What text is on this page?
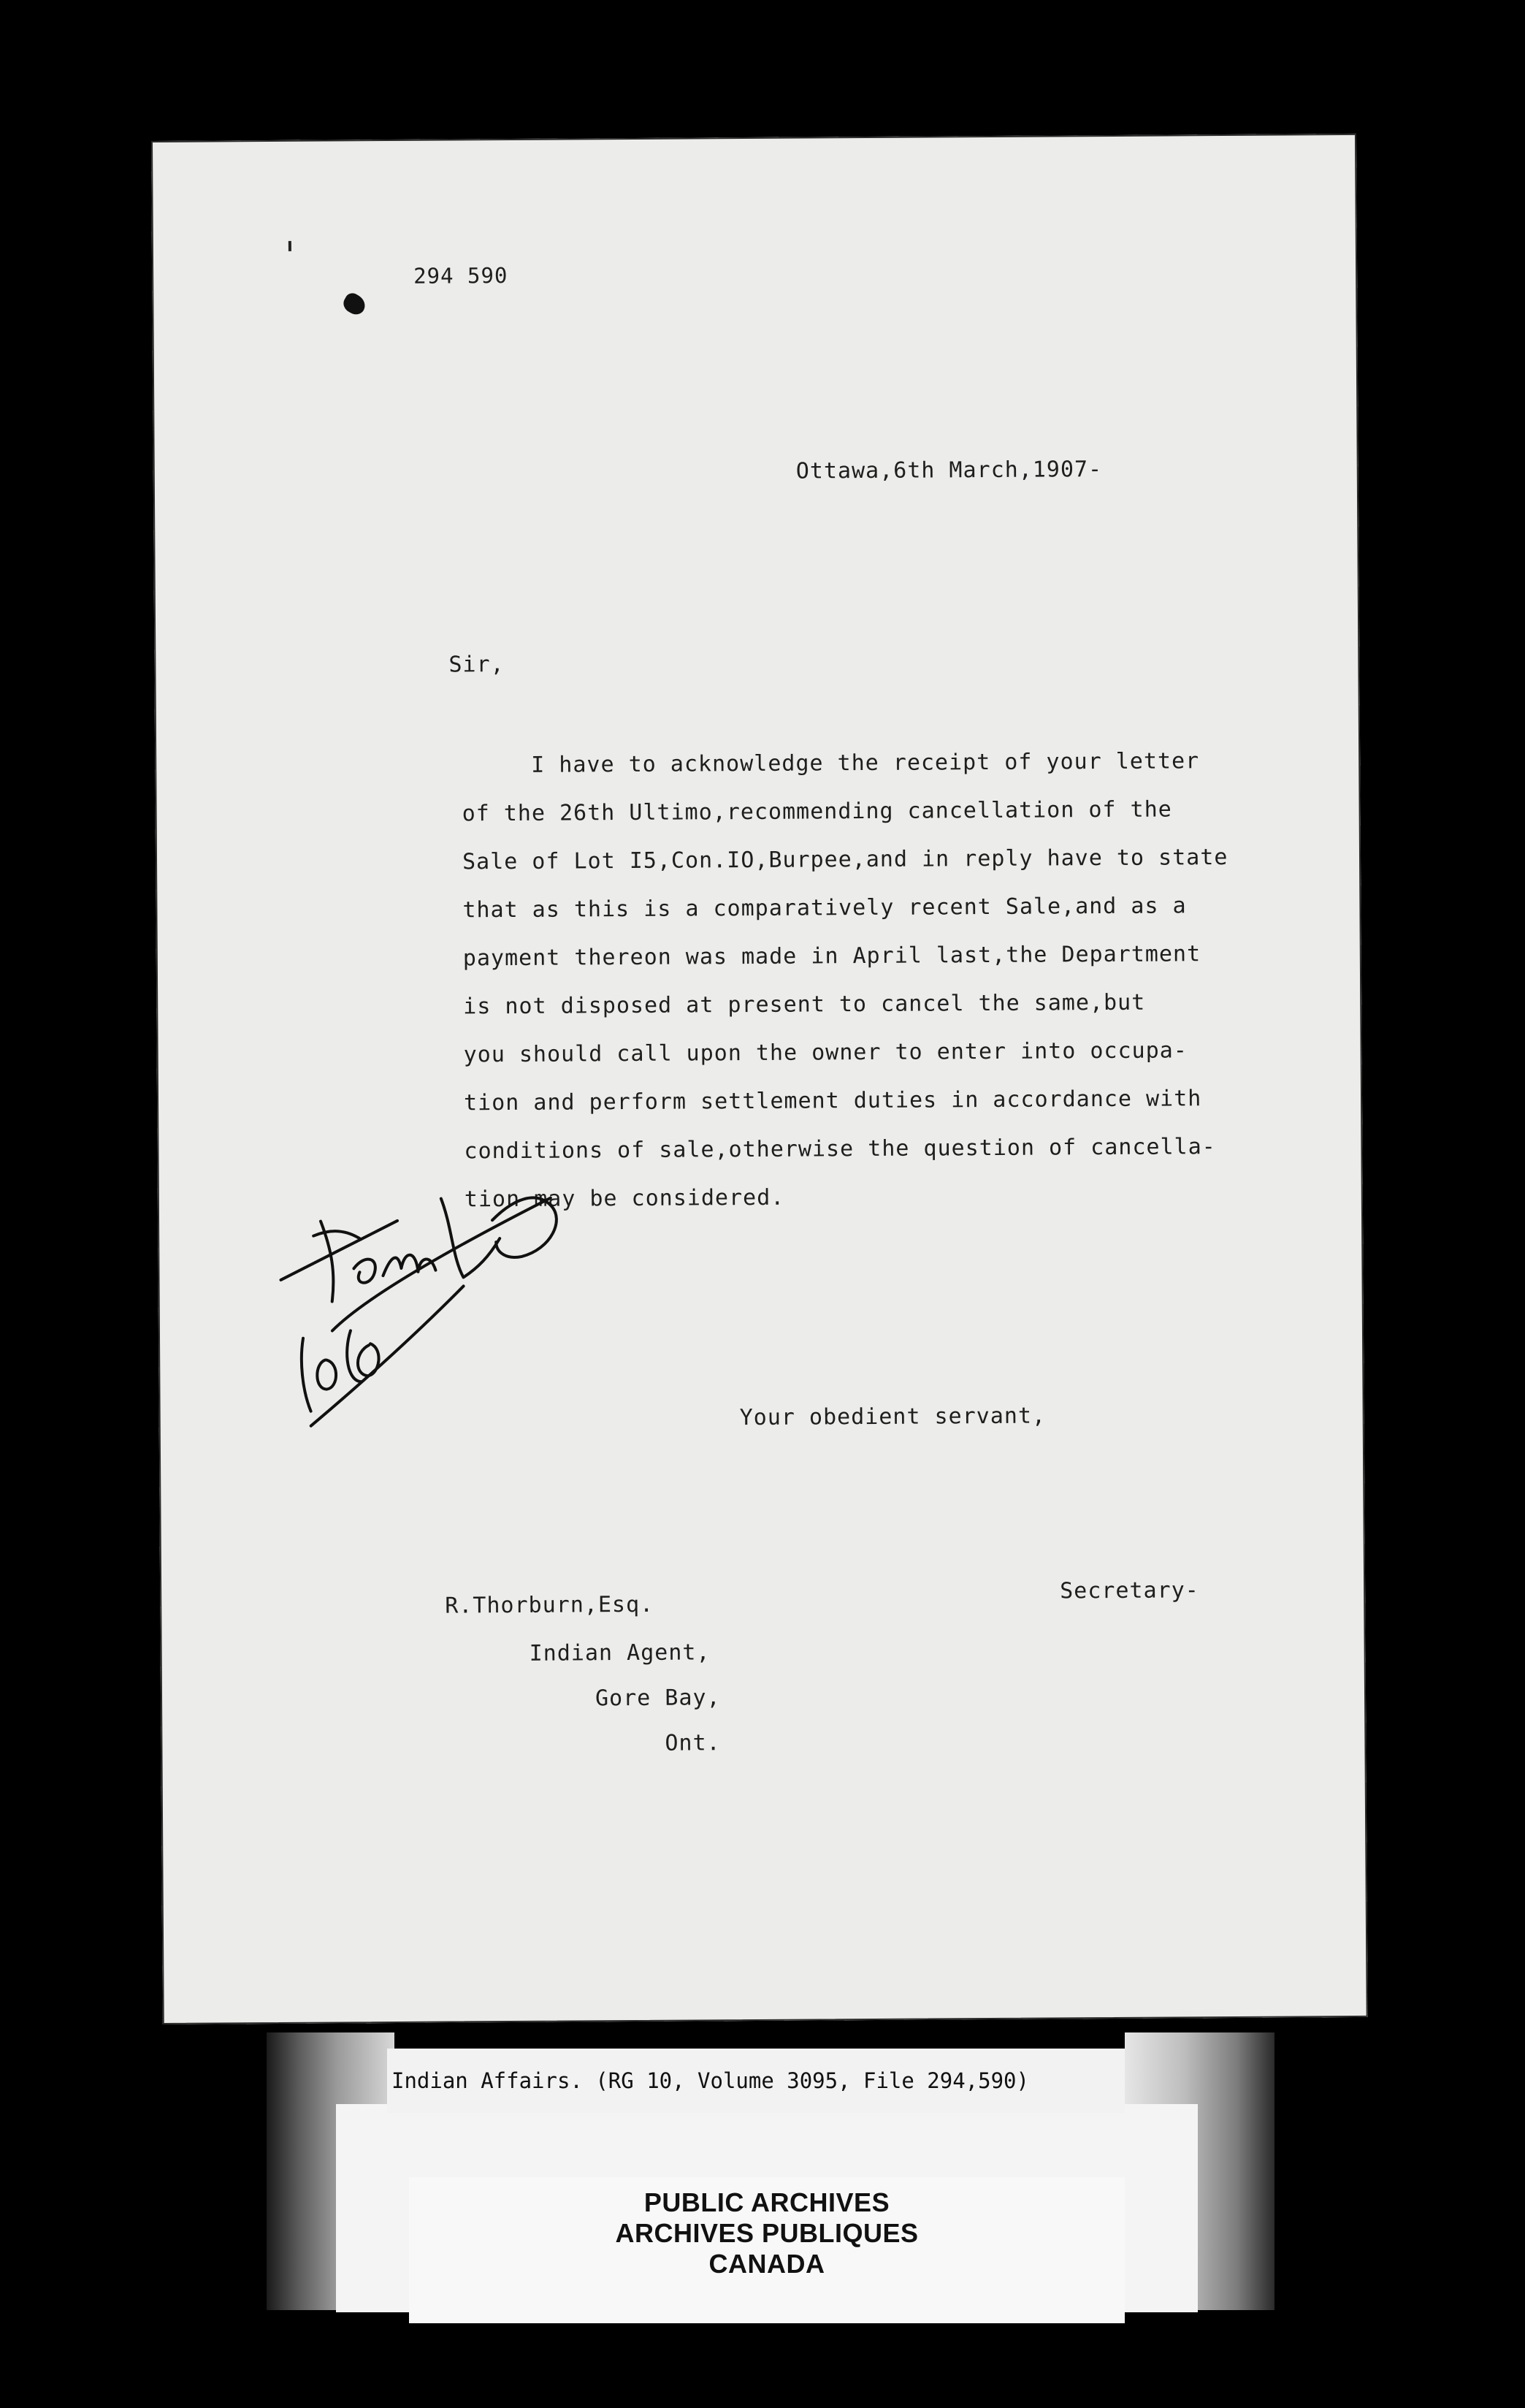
294 590
Ottawa,6th March,1907-
Sir,
I have to acknowledge the receipt of your letter
of the 26th Ultimo,recommending cancellation of the
Sale of Lot I5,Con.IO,Burpee,and in reply have to state
that as this is a comparatively recent Sale,and as a
payment thereon was made in April last,the Department
is not disposed at present to cancel the same,but
you should call upon the owner to enter into occupa-
tion and perform settlement duties in accordance with
conditions of sale,otherwise the question of cancella-
tion may be considered.
Your obedient servant,
R.Thorburn,Esq.
Secretary-
Indian Agent,
Gore Bay,
Ont.
PUBLIC ARCHIVES
ARCHIVES PUBLIQUES
CANADA
Indian Affairs. (RG 10, Volume 3095, File 294,590)
